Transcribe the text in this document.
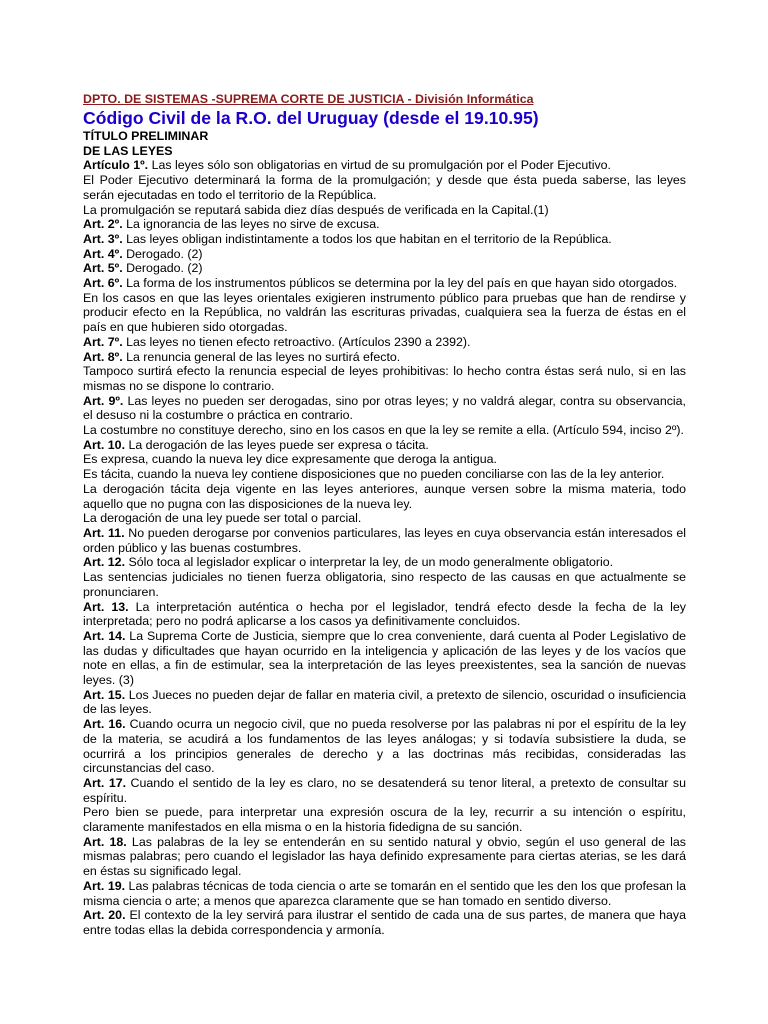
DPTO. DE SISTEMAS -SUPREMA CORTE DE JUSTICIA - División Informática
Código Civil de la R.O. del Uruguay (desde el 19.10.95)
TÍTULO PRELIMINAR
DE LAS LEYES

Artículo 1º. Las leyes sólo son obligatorias en virtud de su promulgación por el Poder Ejecutivo.

El Poder Ejecutivo determinará la forma de la promulgación; y desde que ésta pueda saberse, las leyes serán ejecutadas en todo el territorio de la República.

La promulgación se reputará sabida diez días después de verificada en la Capital.(1)

Art. 2º. La ignorancia de las leyes no sirve de excusa.

Art. 3º. Las leyes obligan indistintamente a todos los que habitan en el territorio de la República.

Art. 4º. Derogado. (2)

Art. 5º. Derogado. (2)

Art. 6º. La forma de los instrumentos públicos se determina por la ley del país en que hayan sido otorgados.

En los casos en que las leyes orientales exigieren instrumento público para pruebas que han de rendirse y producir efecto en la República, no valdrán las escrituras privadas, cualquiera sea la fuerza de éstas en el país en que hubieren sido otorgadas.

Art. 7º. Las leyes no tienen efecto retroactivo. (Artículos 2390 a 2392).

Art. 8º. La renuncia general de las leyes no surtirá efecto.

Tampoco surtirá efecto la renuncia especial de leyes prohibitivas: lo hecho contra éstas será nulo, si en las mismas no se dispone lo contrario.

Art. 9º. Las leyes no pueden ser derogadas, sino por otras leyes; y no valdrá alegar, contra su observancia, el desuso ni la costumbre o práctica en contrario.

La costumbre no constituye derecho, sino en los casos en que la ley se remite a ella. (Artículo 594, inciso 2º).

Art. 10. La derogación de las leyes puede ser expresa o tácita.

Es expresa, cuando la nueva ley dice expresamente que deroga la antigua.

Es tácita, cuando la nueva ley contiene disposiciones que no pueden conciliarse con las de la ley anterior.

La derogación tácita deja vigente en las leyes anteriores, aunque versen sobre la misma materia, todo aquello que no pugna con las disposiciones de la nueva ley.

La derogación de una ley puede ser total o parcial.

Art. 11. No pueden derogarse por convenios particulares, las leyes en cuya observancia están interesados el orden público y las buenas costumbres.

Art. 12. Sólo toca al legislador explicar o interpretar la ley, de un modo generalmente obligatorio.

Las sentencias judiciales no tienen fuerza obligatoria, sino respecto de las causas en que actualmente se pronunciaren.

Art. 13. La interpretación auténtica o hecha por el legislador, tendrá efecto desde la fecha de la ley interpretada; pero no podrá aplicarse a los casos ya definitivamente concluidos.

Art. 14. La Suprema Corte de Justicia, siempre que lo crea conveniente, dará cuenta al Poder Legislativo de las dudas y dificultades que hayan ocurrido en la inteligencia y aplicación de las leyes y de los vacíos que note en ellas, a fin de estimular, sea la interpretación de las leyes preexistentes, sea la sanción de nuevas leyes. (3)

Art. 15. Los Jueces no pueden dejar de fallar en materia civil, a pretexto de silencio, oscuridad o insuficiencia de las leyes.

Art. 16. Cuando ocurra un negocio civil, que no pueda resolverse por las palabras ni por el espíritu de la ley de la materia, se acudirá a los fundamentos de las leyes análogas; y si todavía subsistiere la duda, se ocurrirá a los principios generales de derecho y a las doctrinas más recibidas, consideradas las circunstancias del caso.

Art. 17. Cuando el sentido de la ley es claro, no se desatenderá su tenor literal, a pretexto de consultar su espíritu.

Pero bien se puede, para interpretar una expresión oscura de la ley, recurrir a su intención o espíritu, claramente manifestados en ella misma o en la historia fidedigna de su sanción.

Art. 18. Las palabras de la ley se entenderán en su sentido natural y obvio, según el uso general de las mismas palabras; pero cuando el legislador las haya definido expresamente para ciertas aterias, se les dará en éstas su significado legal.

Art. 19. Las palabras técnicas de toda ciencia o arte se tomarán en el sentido que les den los que profesan la misma ciencia o arte; a menos que aparezca claramente que se han tomado en sentido diverso.

Art. 20. El contexto de la ley servirá para ilustrar el sentido de cada una de sus partes, de manera que haya entre todas ellas la debida correspondencia y armonía.
